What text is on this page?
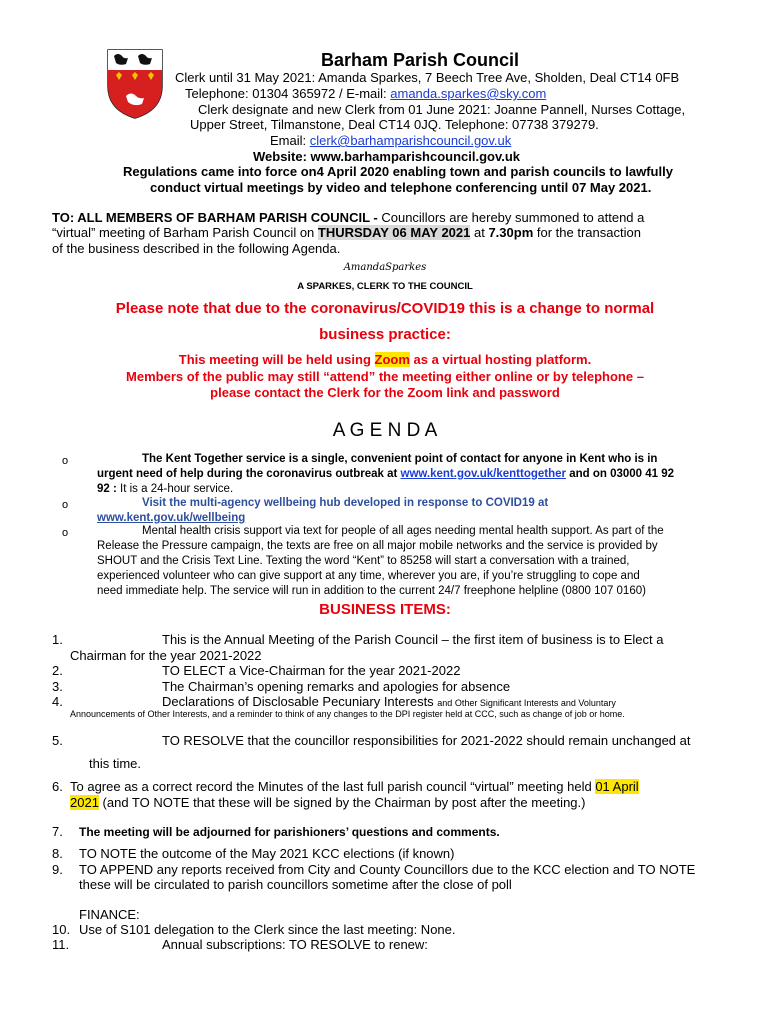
Barham Parish Council
Clerk until 31 May 2021: Amanda Sparkes, 7 Beech Tree Ave, Sholden, Deal CT14 0FB
Telephone: 01304 365972 / E-mail: amanda.sparkes@sky.com
Clerk designate and new Clerk from 01 June 2021: Joanne Pannell, Nurses Cottage,
Upper Street, Tilmanstone, Deal CT14 0JQ. Telephone: 07738 379279.
Email: clerk@barhamparishcouncil.gov.uk
Website: www.barhamparishcouncil.gov.uk
Regulations came into force on4 April 2020 enabling town and parish councils to lawfully
conduct virtual meetings by video and telephone conferencing until 07 May 2021.
TO: ALL MEMBERS OF BARHAM PARISH COUNCIL - Councillors are hereby summoned to attend a
“virtual” meeting of Barham Parish Council on THURSDAY 06 MAY 2021 at 7.30pm for the transaction
of the business described in the following Agenda.
AmandaSparkes
A SPARKES, CLERK TO THE COUNCIL
Please note that due to the coronavirus/COVID19 this is a change to normal
business practice:
This meeting will be held using Zoom as a virtual hosting platform.
Members of the public may still “attend” the meeting either online or by telephone –
please contact the Clerk for the Zoom link and password
A G E N D A
o	The Kent Together service is a single, convenient point of contact for anyone in Kent who is in
urgent need of help during the coronavirus outbreak at www.kent.gov.uk/kenttogether and on 03000 41 92
92 : It is a 24-hour service.
o	Visit the multi-agency wellbeing hub developed in response to COVID19 at
www.kent.gov.uk/wellbeing
o	Mental health crisis support via text for people of all ages needing mental health support. As part of the
Release the Pressure campaign, the texts are free on all major mobile networks and the service is provided by
SHOUT and the Crisis Text Line. Texting the word “Kent” to 85258 will start a conversation with a trained,
experienced volunteer who can give support at any time, wherever you are, if you’re struggling to cope and
need immediate help. The service will run in addition to the current 24/7 freephone helpline (0800 107 0160)
BUSINESS ITEMS:
1.	This is the Annual Meeting of the Parish Council – the first item of business is to Elect a
Chairman for the year 2021-2022
2.	TO ELECT a Vice-Chairman for the year 2021-2022
3.	The Chairman’s opening remarks and apologies for absence
4.	Declarations of Disclosable Pecuniary Interests and Other Significant Interests and Voluntary
Announcements of Other Interests, and a reminder to think of any changes to the DPI register held at CCC, such as change of job or home.
5.	TO RESOLVE that the councillor responsibilities for 2021-2022 should remain unchanged at
this time.
6. To agree as a correct record the Minutes of the last full parish council “virtual” meeting held 01 April
2021 (and TO NOTE that these will be signed by the Chairman by post after the meeting.)
7. The meeting will be adjourned for parishioners’ questions and comments.
8. TO NOTE the outcome of the May 2021 KCC elections (if known)
9. TO APPEND any reports received from City and County Councillors due to the KCC election and TO NOTE
these will be circulated to parish councillors sometime after the close of poll
FINANCE:
10. Use of S101 delegation to the Clerk since the last meeting: None.
11.	Annual subscriptions: TO RESOLVE to renew:
